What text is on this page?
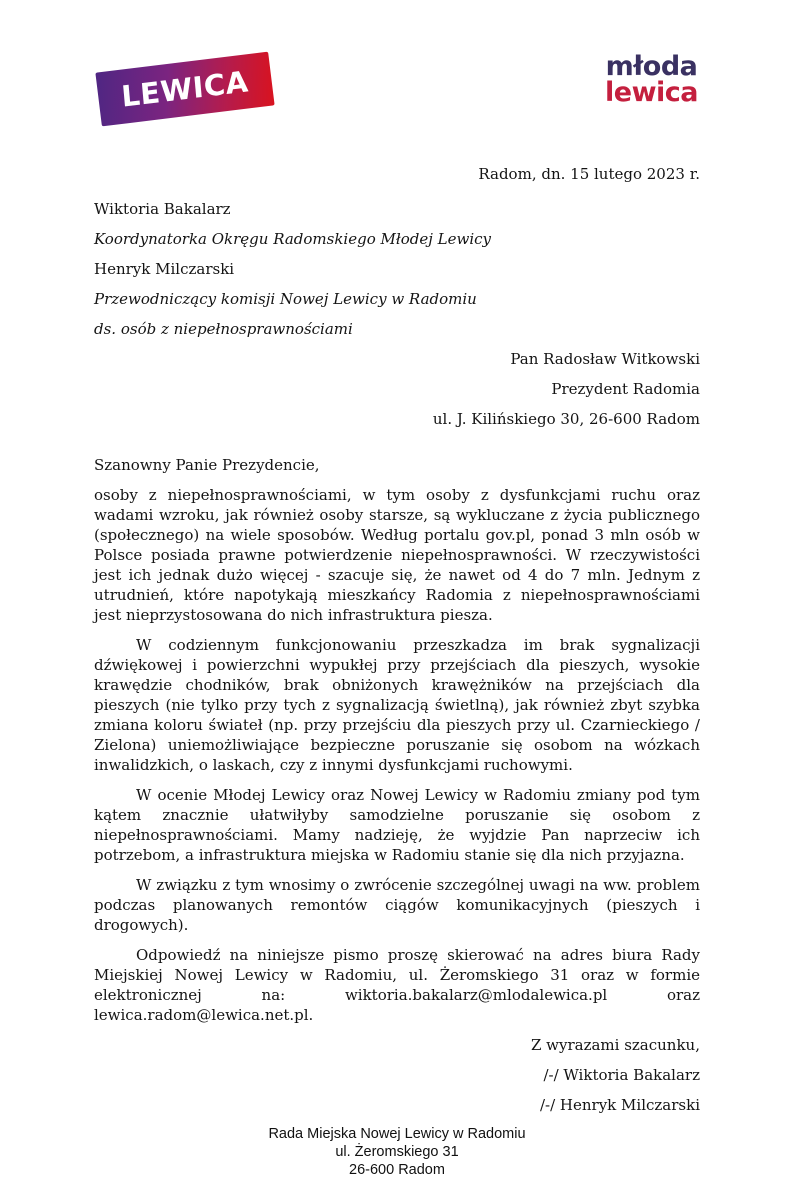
LEWICA	młoda
lewica

Radom, dn. 15 lutego 2023 r.

Wiktoria Bakalarz

Koordynatorka Okręgu Radomskiego Młodej Lewicy

Henryk Milczarski

Przewodniczący komisji Nowej Lewicy w Radomiu

ds. osób z niepełnosprawnościami

Pan Radosław Witkowski

Prezydent Radomia

ul. J. Kilińskiego 30, 26-600 Radom

Szanowny Panie Prezydencie,

osoby z niepełnosprawnościami, w tym osoby z dysfunkcjami ruchu oraz wadami wzroku, jak również osoby starsze, są wykluczane z życia publicznego (społecznego) na wiele sposobów. Według portalu gov.pl, ponad 3 mln osób w Polsce posiada prawne potwierdzenie niepełnosprawności. W rzeczywistości jest ich jednak dużo więcej - szacuje się, że nawet od 4 do 7 mln. Jednym z utrudnień, które napotykają mieszkańcy Radomia z niepełnosprawnościami jest nieprzystosowana do nich infrastruktura piesza.

W codziennym funkcjonowaniu przeszkadza im brak sygnalizacji dźwiękowej i powierzchni wypukłej przy przejściach dla pieszych, wysokie krawędzie chodników, brak obniżonych krawężników na przejściach dla pieszych (nie tylko przy tych z sygnalizacją świetlną), jak również zbyt szybka zmiana koloru świateł (np. przy przejściu dla pieszych przy ul. Czarnieckiego / Zielona) uniemożliwiające bezpieczne poruszanie się osobom na wózkach inwalidzkich, o laskach, czy z innymi dysfunkcjami ruchowymi.

W ocenie Młodej Lewicy oraz Nowej Lewicy w Radomiu zmiany pod tym kątem znacznie ułatwiłyby samodzielne poruszanie się osobom z niepełnosprawnościami. Mamy nadzieję, że wyjdzie Pan naprzeciw ich potrzebom, a infrastruktura miejska w Radomiu stanie się dla nich przyjazna.

W związku z tym wnosimy o zwrócenie szczególnej uwagi na ww. problem podczas planowanych remontów ciągów komunikacyjnych (pieszych i drogowych).

Odpowiedź na niniejsze pismo proszę skierować na adres biura Rady Miejskiej Nowej Lewicy w Radomiu, ul. Żeromskiego 31 oraz w formie elektronicznej na: wiktoria.bakalarz@mlodalewica.pl oraz lewica.radom@lewica.net.pl.

Z wyrazami szacunku,

/-/ Wiktoria Bakalarz

/-/ Henryk Milczarski

Rada Miejska Nowej Lewicy w Radomiu
ul. Żeromskiego 31
26-600 Radom
